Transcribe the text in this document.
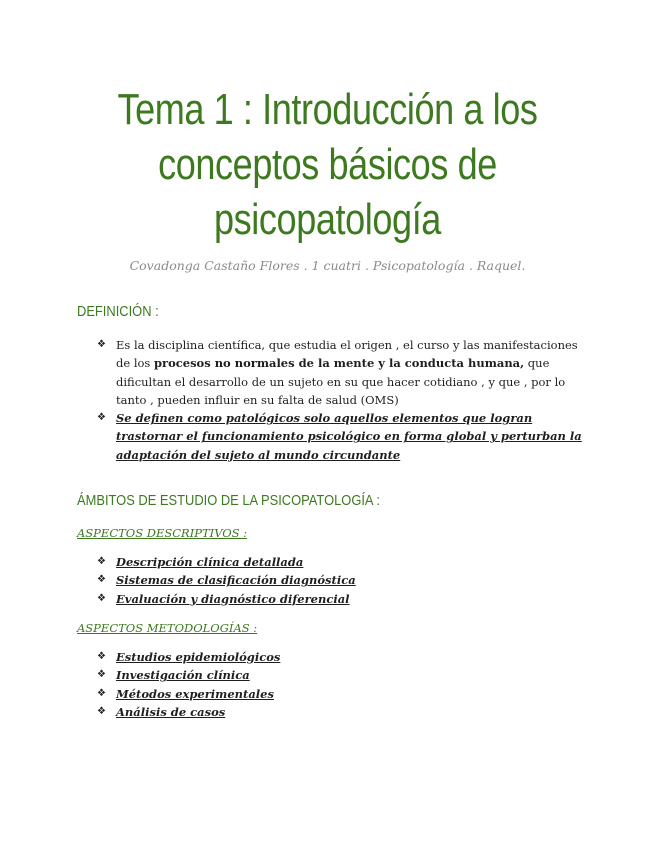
Tema 1 : Introducción a los conceptos básicos de psicopatología
Covadonga Castaño Flores . 1 cuatri . Psicopatología . Raquel.
DEFINICIÓN :
❖ Es la disciplina científica, que estudia el origen , el curso y las manifestaciones de los procesos no normales de la mente y la conducta humana, que dificultan el desarrollo de un sujeto en su que hacer cotidiano , y que , por lo tanto , pueden influir en su falta de salud (OMS)
❖ Se definen como patológicos solo aquellos elementos que logran trastornar el funcionamiento psicológico en forma global y perturban la adaptación del sujeto al mundo circundante
ÁMBITOS DE ESTUDIO DE LA PSICOPATOLOGÍA :
ASPECTOS DESCRIPTIVOS :
❖ Descripción clínica detallada
❖ Sistemas de clasificación diagnóstica
❖ Evaluación y diagnóstico diferencial
ASPECTOS METODOLOGÍAS :
❖ Estudios epidemiológicos
❖ Investigación clínica
❖ Métodos experimentales
❖ Análisis de casos
